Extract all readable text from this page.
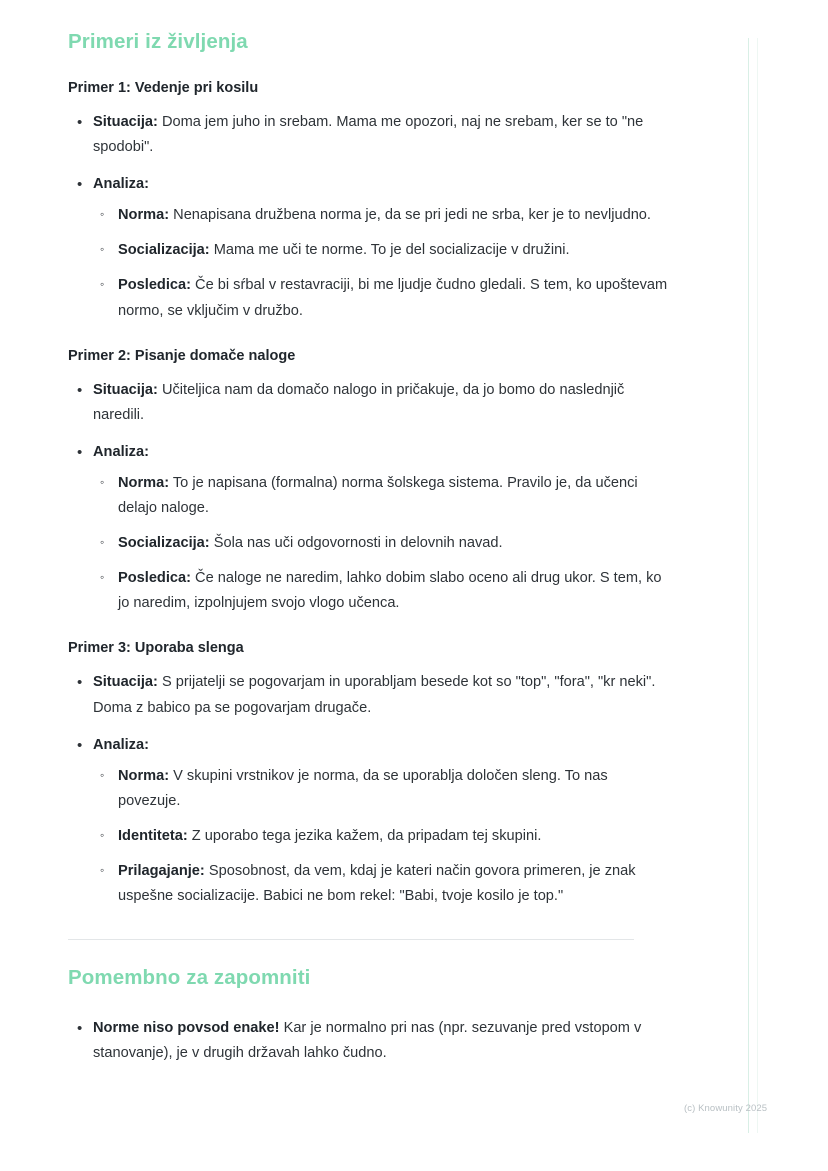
Primeri iz življenja
Primer 1: Vedenje pri kosilu
• Situacija: Doma jem juho in srebam. Mama me opozori, naj ne srebam, ker se to "ne spodobi".
• Analiza:
◦ Norma: Nenapisana družbena norma je, da se pri jedi ne srba, ker je to nevljudno.
◦ Socializacija: Mama me uči te norme. To je del socializacije v družini.
◦ Posledica: Če bi sŕbal v restavraciji, bi me ljudje čudno gledali. S tem, ko upoštevam normo, se vključim v družbo.
Primer 2: Pisanje domače naloge
• Situacija: Učiteljica nam da domačo nalogo in pričakuje, da jo bomo do naslednjič naredili.
• Analiza:
◦ Norma: To je napisana (formalna) norma šolskega sistema. Pravilo je, da učenci delajo naloge.
◦ Socializacija: Šola nas uči odgovornosti in delovnih navad.
◦ Posledica: Če naloge ne naredim, lahko dobim slabo oceno ali drug ukor. S tem, ko jo naredim, izpolnjujem svojo vlogo učenca.
Primer 3: Uporaba slenga
• Situacija: S prijatelji se pogovarjam in uporabljam besede kot so "top", "fora", "kr neki". Doma z babico pa se pogovarjam drugače.
• Analiza:
◦ Norma: V skupini vrstnikov je norma, da se uporablja določen sleng. To nas povezuje.
◦ Identiteta: Z uporabo tega jezika kažem, da pripadam tej skupini.
◦ Prilagajanje: Sposobnost, da vem, kdaj je kateri način govora primeren, je znak uspešne socializacije. Babici ne bom rekel: "Babi, tvoje kosilo je top."
Pomembno za zapomniti
• Norme niso povsod enake! Kar je normalno pri nas (npr. sezuvanje pred vstopom v stanovanje), je v drugih državah lahko čudno.
(c) Knowunity 2025
